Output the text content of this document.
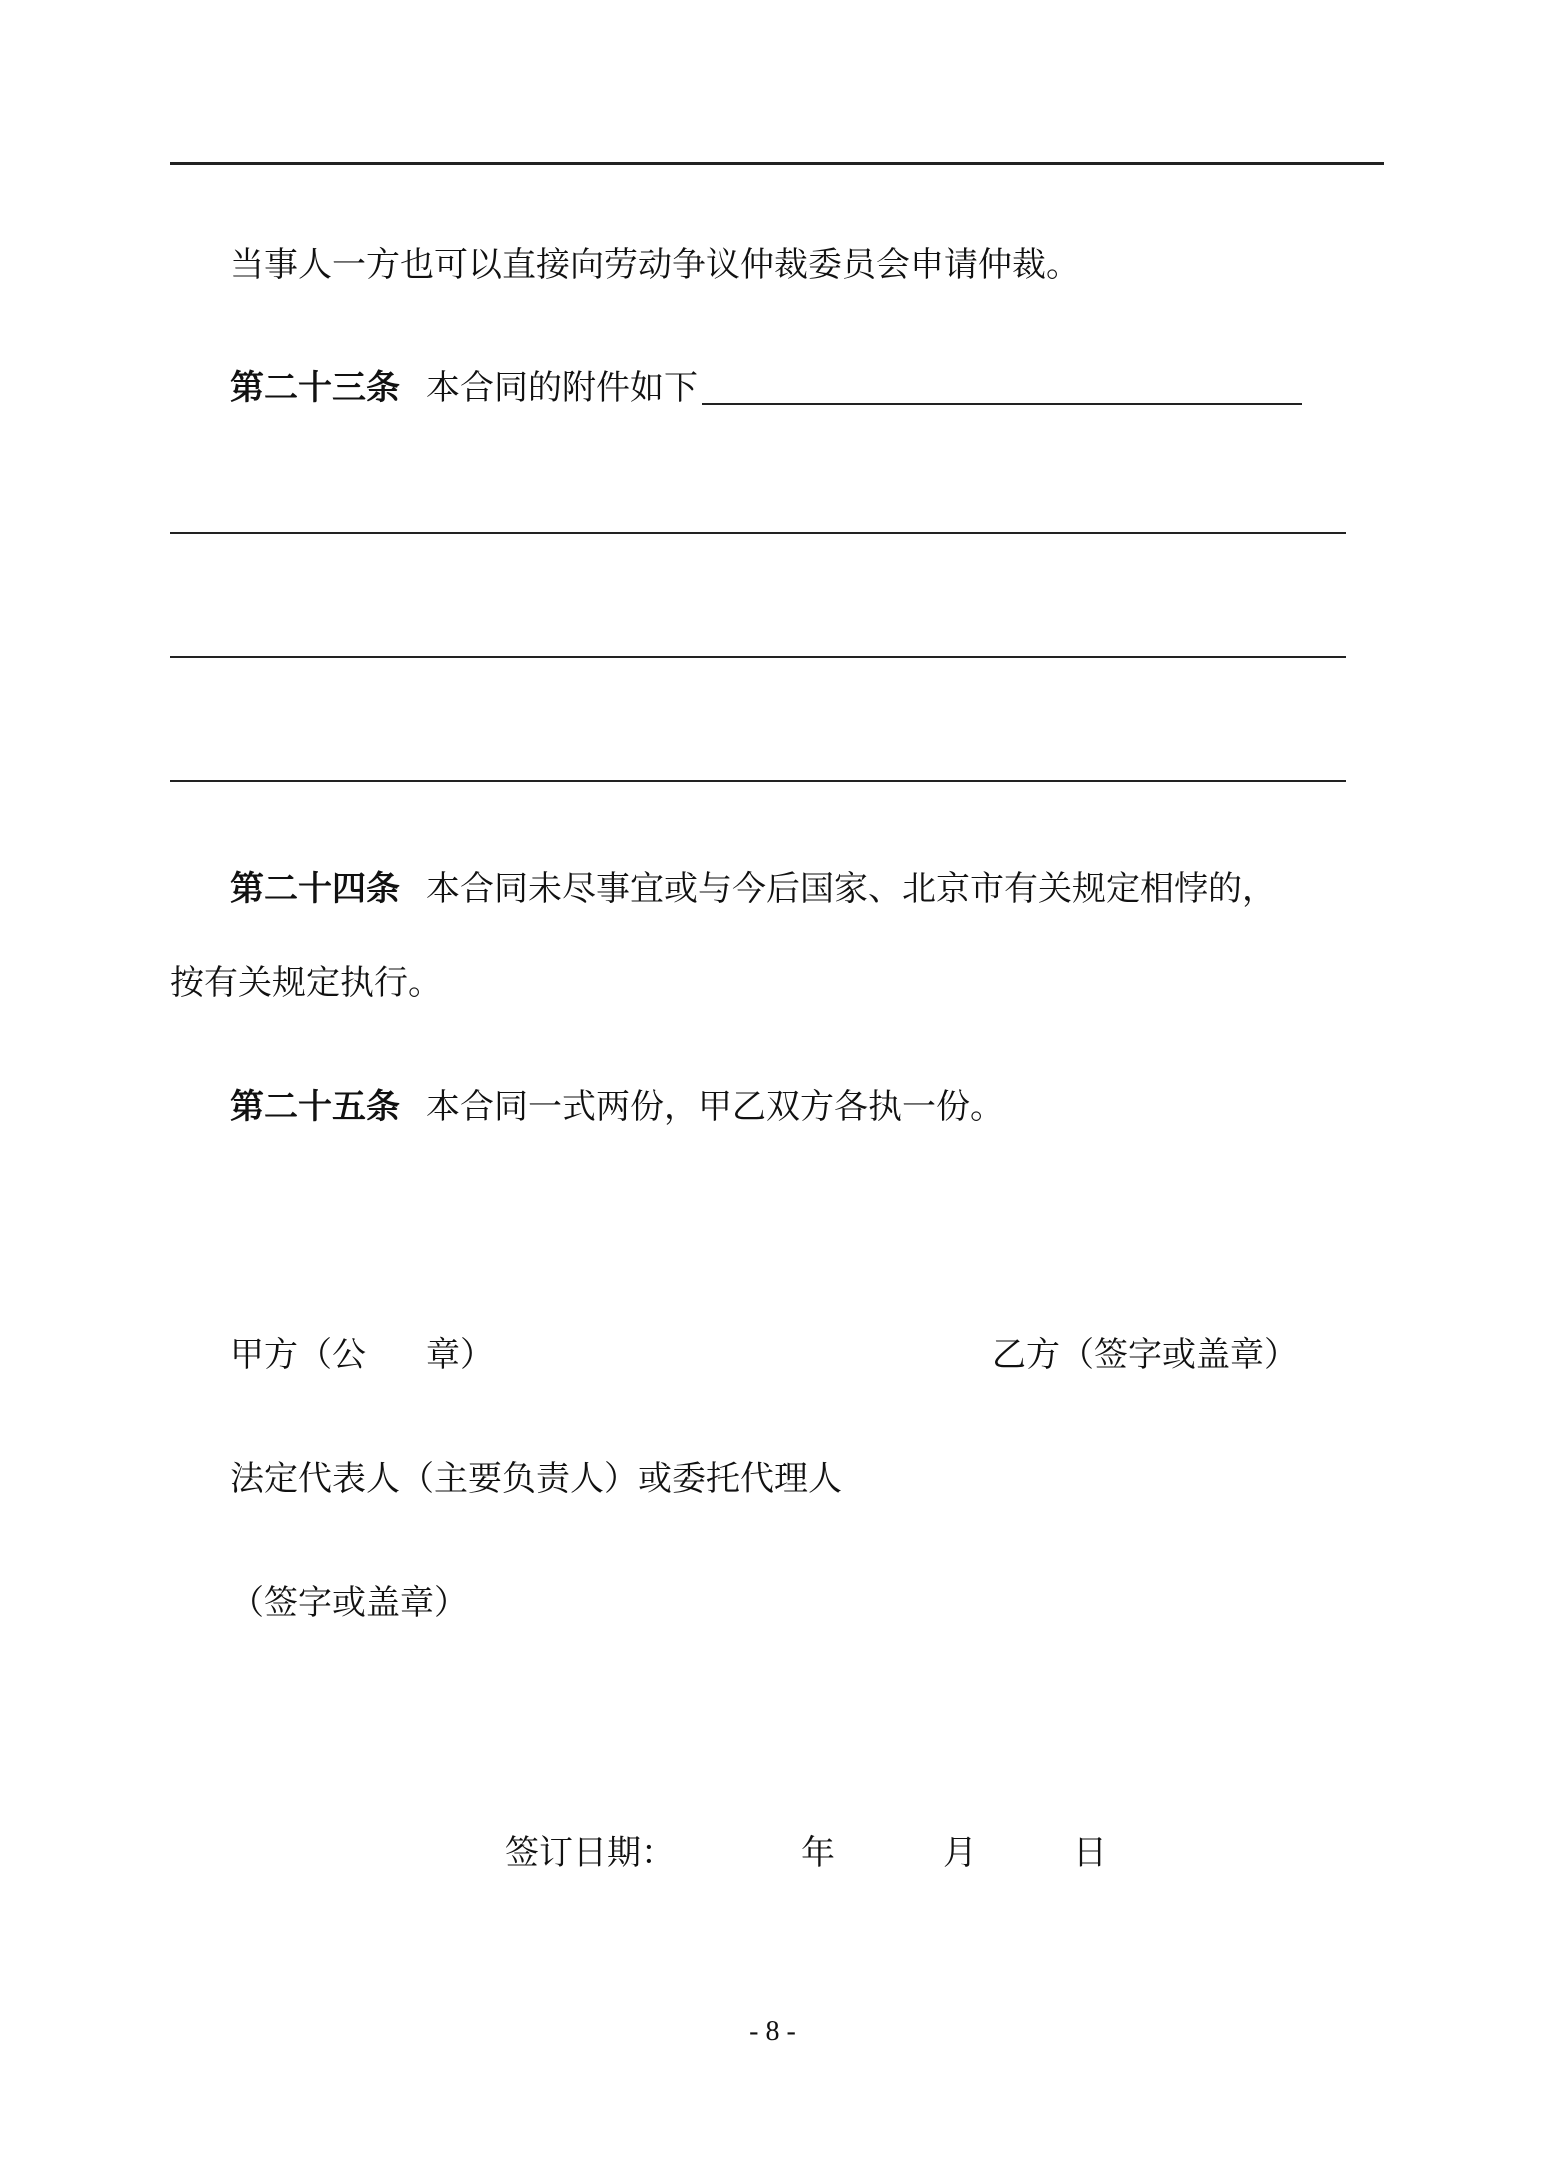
当事人一方也可以直接向劳动争议仲裁委员会申请仲裁。
第二十三条 本合同的附件如下
第二十四条 本合同未尽事宜或与今后国家、北京市有关规定相悖的，
按有关规定执行。
第二十五条 本合同一式两份，甲乙双方各执一份。
甲方（公 章）	乙方（签字或盖章）
法定代表人（主要负责人）或委托代理人
（签字或盖章）
签订日期：	年	月	日
- 8 -
